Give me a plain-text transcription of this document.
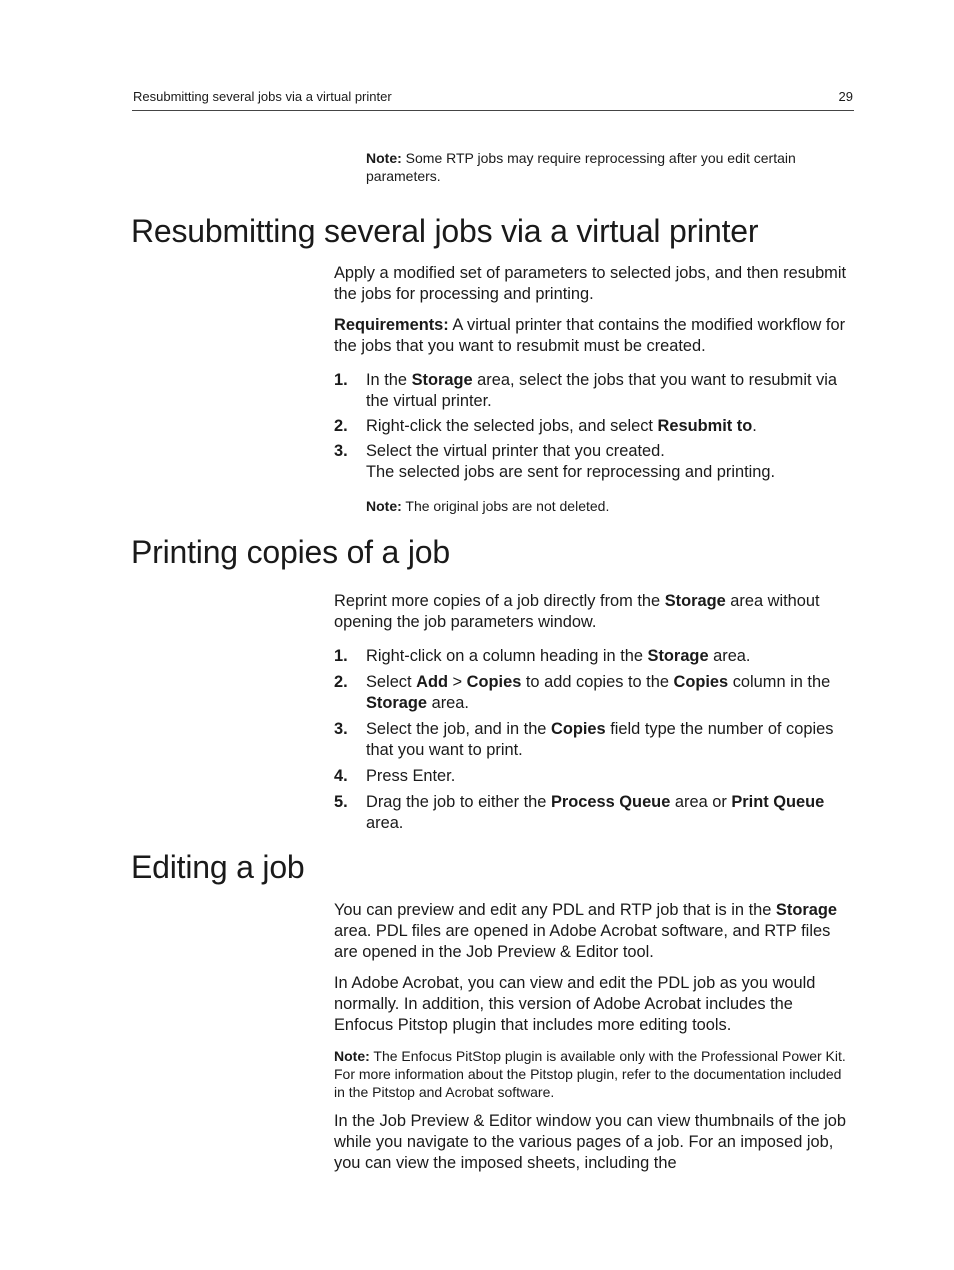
Resubmitting several jobs via a virtual printer	29
Note: Some RTP jobs may require reprocessing after you edit certain parameters.
Resubmitting several jobs via a virtual printer

Apply a modified set of parameters to selected jobs, and then resubmit the jobs for processing and printing.

Requirements: A virtual printer that contains the modified workflow for the jobs that you want to resubmit must be created.

1. In the Storage area, select the jobs that you want to resubmit via the virtual printer.
2. Right-click the selected jobs, and select Resubmit to.
3. Select the virtual printer that you created.
The selected jobs are sent for reprocessing and printing.
Note: The original jobs are not deleted.
Printing copies of a job

Reprint more copies of a job directly from the Storage area without opening the job parameters window.

1. Right-click on a column heading in the Storage area.
2. Select Add > Copies to add copies to the Copies column in the Storage area.
3. Select the job, and in the Copies field type the number of copies that you want to print.
4. Press Enter.
5. Drag the job to either the Process Queue area or Print Queue area.
Editing a job

You can preview and edit any PDL and RTP job that is in the Storage area. PDL files are opened in Adobe Acrobat software, and RTP files are opened in the Job Preview & Editor tool.

In Adobe Acrobat, you can view and edit the PDL job as you would normally. In addition, this version of Adobe Acrobat includes the Enfocus Pitstop plugin that includes more editing tools.

Note: The Enfocus PitStop plugin is available only with the Professional Power Kit. For more information about the Pitstop plugin, refer to the documentation included in the Pitstop and Acrobat software.

In the Job Preview & Editor window you can view thumbnails of the job while you navigate to the various pages of a job. For an imposed job, you can view the imposed sheets, including the
